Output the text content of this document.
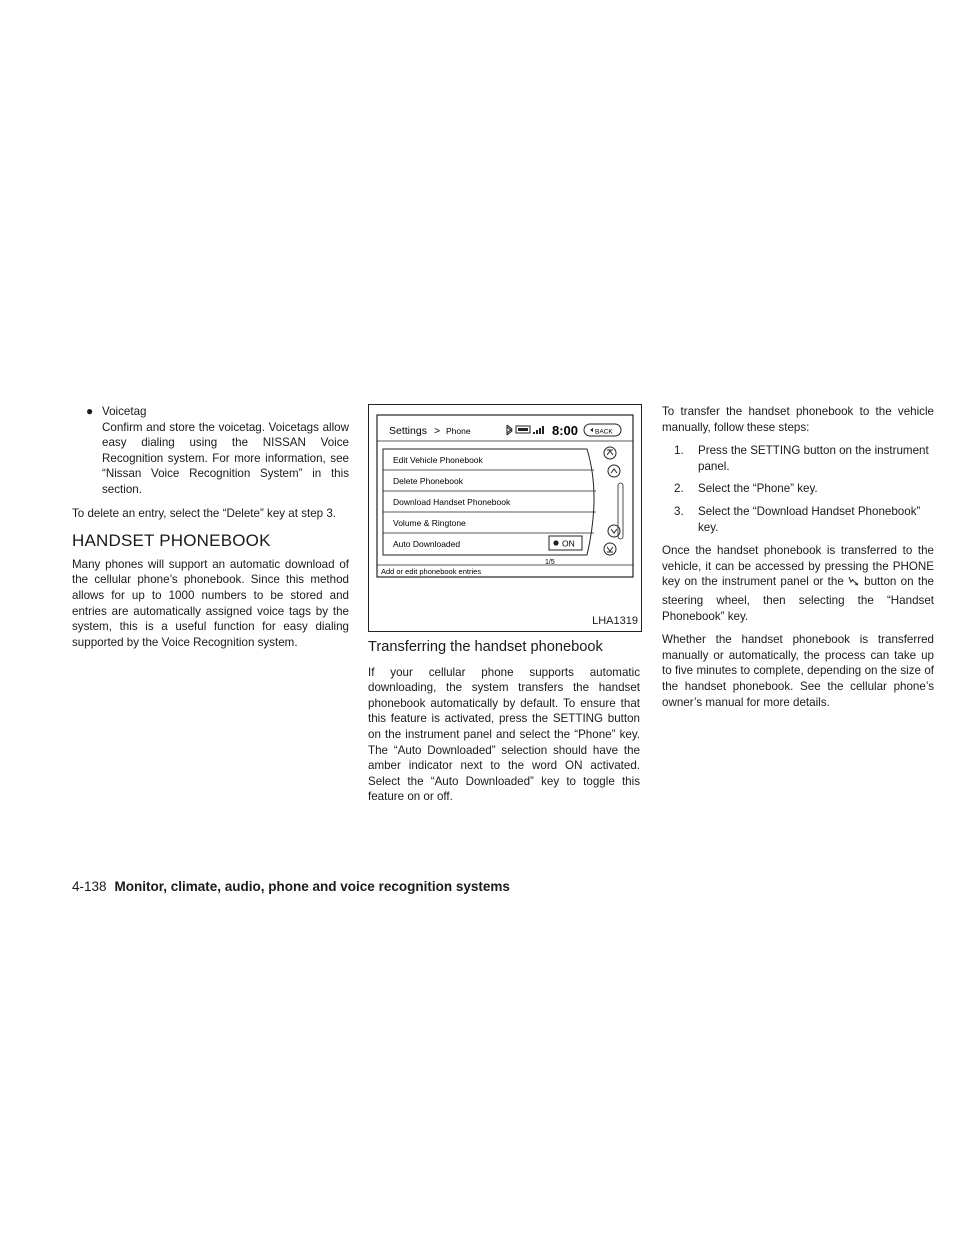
● Voicetag
Confirm and store the voicetag. Voicetags allow easy dialing using the NISSAN Voice Recognition system. For more information, see “Nissan Voice Recognition System” in this section.

To delete an entry, select the “Delete” key at step 3.

HANDSET PHONEBOOK

Many phones will support an automatic download of the cellular phone’s phonebook. Since this method allows for up to 1000 numbers to be stored and entries are automatically assigned voice tags by the system, this is a useful function for easy dialing supported by the Voice Recognition system.

Settings > Phone	8:00	BACK
Edit Vehicle Phonebook
Delete Phonebook
Download Handset Phonebook
Volume & Ringtone
Auto Downloaded	ON
1/5
Add or edit phonebook entries
LHA1319
Transferring the handset phonebook

If your cellular phone supports automatic downloading, the system transfers the handset phonebook automatically by default. To ensure that this feature is activated, press the SETTING button on the instrument panel and select the “Phone” key. The “Auto Downloaded” selection should have the amber indicator next to the word ON activated. Select the “Auto Downloaded” key to toggle this feature on or off.

To transfer the handset phonebook to the vehicle manually, follow these steps:

1. Press the SETTING button on the instrument panel.
2. Select the “Phone” key.
3. Select the “Download Handset Phonebook” key.

Once the handset phonebook is transferred to the vehicle, it can be accessed by pressing the PHONE key on the instrument panel or the button on the steering wheel, then selecting the “Handset Phonebook” key.

Whether the handset phonebook is transferred manually or automatically, the process can take up to five minutes to complete, depending on the size of the handset phonebook. See the cellular phone’s owner’s manual for more details.

4-138 Monitor, climate, audio, phone and voice recognition systems
